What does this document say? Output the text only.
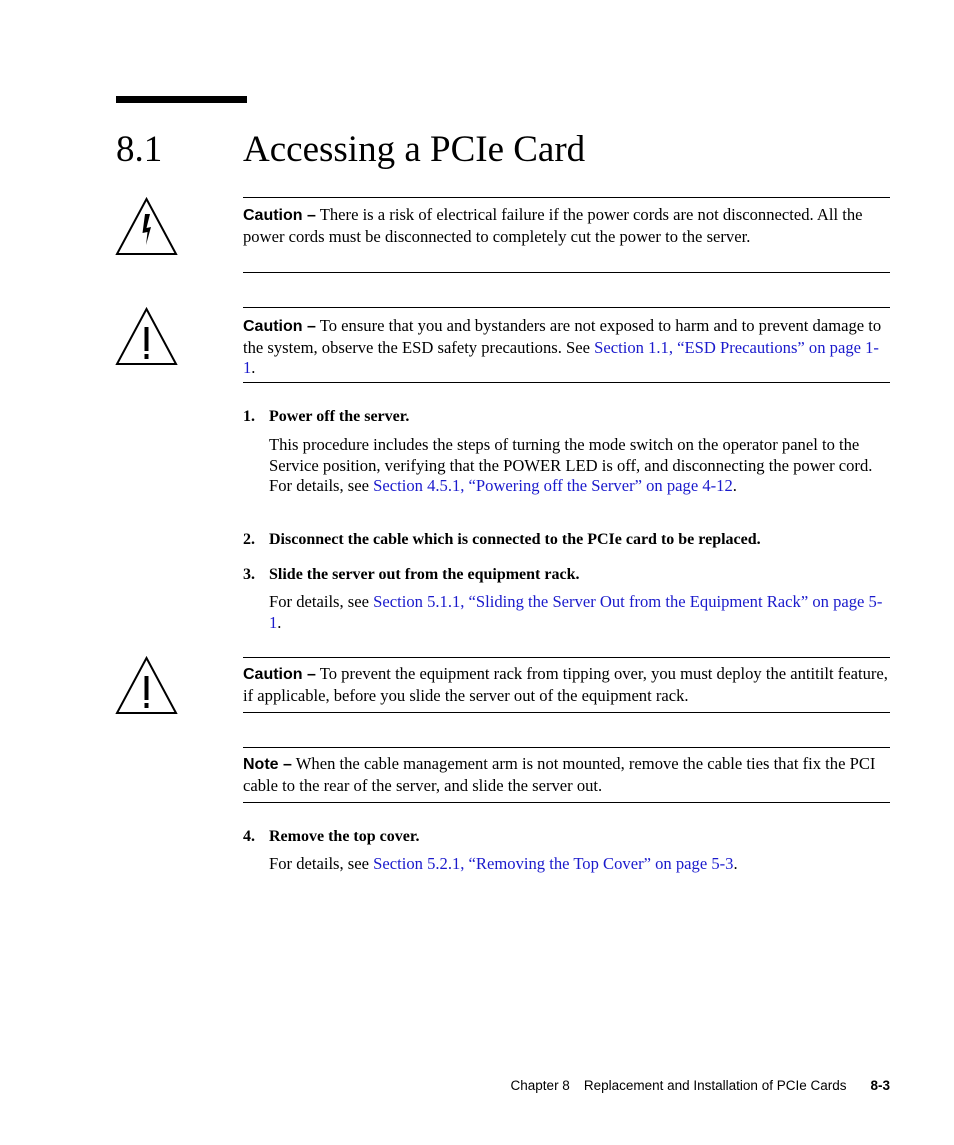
8.1 Accessing a PCIe Card

Caution – There is a risk of electrical failure if the power cords are not disconnected. All the power cords must be disconnected to completely cut the power to the server.

Caution – To ensure that you and bystanders are not exposed to harm and to prevent damage to the system, observe the ESD safety precautions. See Section 1.1, “ESD Precautions” on page 1-1.

1. Power off the server.

This procedure includes the steps of turning the mode switch on the operator panel to the Service position, verifying that the POWER LED is off, and disconnecting the power cord. For details, see Section 4.5.1, “Powering off the Server” on page 4-12.

2. Disconnect the cable which is connected to the PCIe card to be replaced.
3. Slide the server out from the equipment rack.

For details, see Section 5.1.1, “Sliding the Server Out from the Equipment Rack” on page 5-1.

Caution – To prevent the equipment rack from tipping over, you must deploy the antitilt feature, if applicable, before you slide the server out of the equipment rack.

Note – When the cable management arm is not mounted, remove the cable ties that fix the PCI cable to the rear of the server, and slide the server out.

4. Remove the top cover.

For details, see Section 5.2.1, “Removing the Top Cover” on page 5-3.

Chapter 8 Replacement and Installation of PCIe Cards 8-3
